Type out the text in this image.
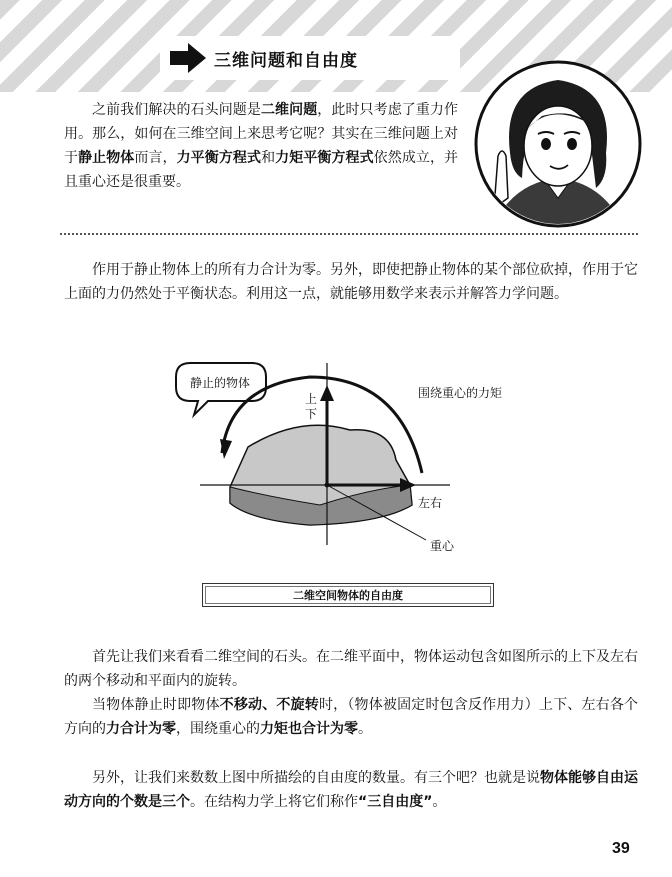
三维问题和自由度

之前我们解决的石头问题是二维问题，此时只考虑了重力作用。那么，如何在三维空间上来思考它呢？其实在三维问题上对于静止物体而言，力平衡方程式和力矩平衡方程式依然成立，并且重心还是很重要。

作用于静止物体上的所有力合计为零。另外，即使把静止物体的某个部位砍掉，作用于它上面的力仍然处于平衡状态。利用这一点，就能够用数学来表示并解答力学问题。

静止的物体
上
下
围绕重心的力矩
左右
重心
二维空间物体的自由度

首先让我们来看看二维空间的石头。在二维平面中，物体运动包含如图所示的上下及左右的两个移动和平面内的旋转。

当物体静止时即物体不移动、不旋转时，（物体被固定时包含反作用力）上下、左右各个方向的力合计为零，围绕重心的力矩也合计为零。

另外，让我们来数数上图中所描绘的自由度的数量。有三个吧？也就是说物体能够自由运动方向的个数是三个。在结构力学上将它们称作“三自由度”。

39
